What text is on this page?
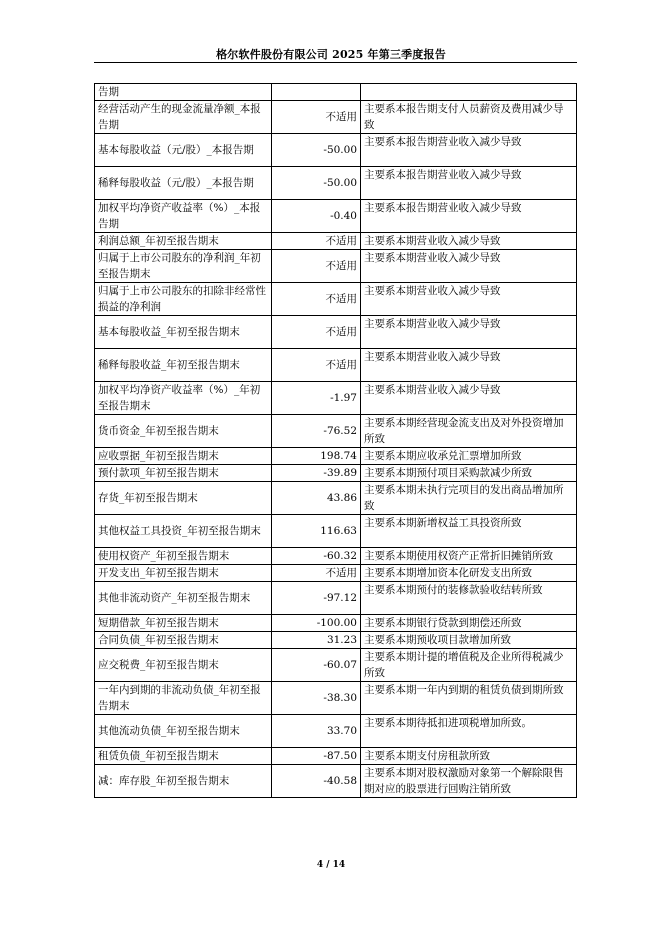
格尔软件股份有限公司 2025 年第三季度报告
告期		
经营活动产生的现金流量净额_本报告期	不适用	主要系本报告期支付人员薪资及费用减少导致
基本每股收益（元/股）_本报告期	-50.00	主要系本报告期营业收入减少导致
稀释每股收益（元/股）_本报告期	-50.00	主要系本报告期营业收入减少导致
加权平均净资产收益率（%）_本报告期	-0.40	主要系本报告期营业收入减少导致
利润总额_年初至报告期末	不适用	主要系本期营业收入减少导致
归属于上市公司股东的净利润_年初至报告期末	不适用	主要系本期营业收入减少导致
归属于上市公司股东的扣除非经常性损益的净利润	不适用	主要系本期营业收入减少导致
基本每股收益_年初至报告期末	不适用	主要系本期营业收入减少导致
稀释每股收益_年初至报告期末	不适用	主要系本期营业收入减少导致
加权平均净资产收益率（%）_年初至报告期末	-1.97	主要系本期营业收入减少导致
货币资金_年初至报告期末	-76.52	主要系本期经营现金流支出及对外投资增加所致
应收票据_年初至报告期末	198.74	主要系本期应收承兑汇票增加所致
预付款项_年初至报告期末	-39.89	主要系本期预付项目采购款减少所致
存货_年初至报告期末	43.86	主要系本期未执行完项目的发出商品增加所致
其他权益工具投资_年初至报告期末	116.63	主要系本期新增权益工具投资所致
使用权资产_年初至报告期末	-60.32	主要系本期使用权资产正常折旧摊销所致
开发支出_年初至报告期末	不适用	主要系本期增加资本化研发支出所致
其他非流动资产_年初至报告期末	-97.12	主要系本期预付的装修款验收结转所致
短期借款_年初至报告期末	-100.00	主要系本期银行贷款到期偿还所致
合同负债_年初至报告期末	31.23	主要系本期预收项目款增加所致
应交税费_年初至报告期末	-60.07	主要系本期计提的增值税及企业所得税减少所致
一年内到期的非流动负债_年初至报告期末	-38.30	主要系本期一年内到期的租赁负债到期所致
其他流动负债_年初至报告期末	33.70	主要系本期待抵扣进项税增加所致。
租赁负债_年初至报告期末	-87.50	主要系本期支付房租款所致
减：库存股_年初至报告期末	-40.58	主要系本期对股权激励对象第一个解除限售期对应的股票进行回购注销所致
4 / 14
